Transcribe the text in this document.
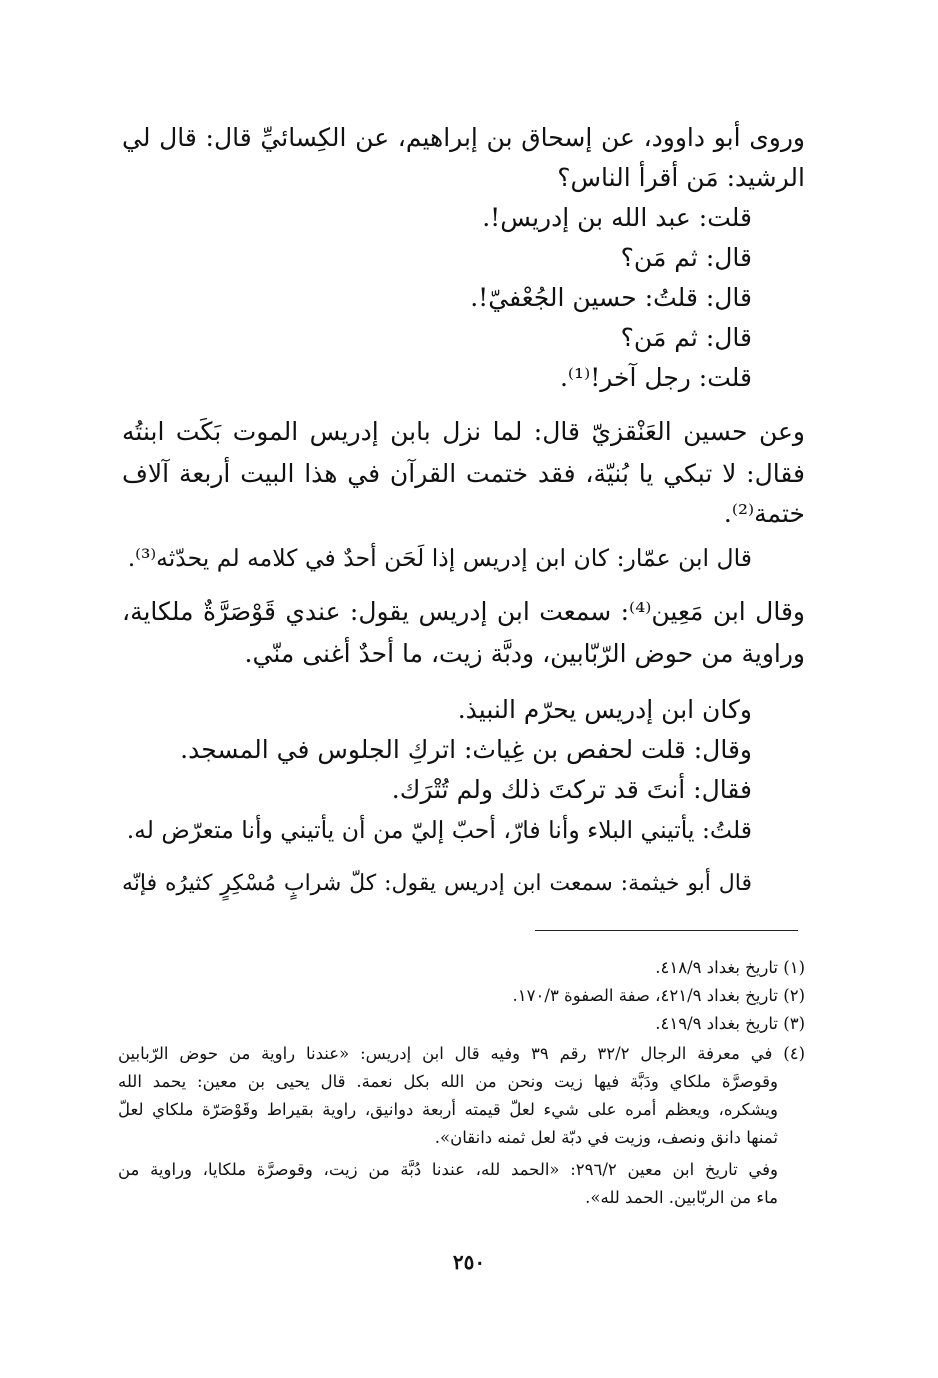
وروى أبو داوود، عن إسحاق بن إبراهيم، عن الكِسائيِّ قال: قال لي
الرشيد: مَن أقرأ الناس؟
قلت: عبد الله بن إدريس!.
قال: ثم مَن؟
قال: قلتُ: حسين الجُعْفيّ!.
قال: ثم مَن؟
قلت: رجل آخر!⁽¹⁾.
وعن حسين العَنْقزيّ قال: لما نزل بابن إدريس الموت بَكَت ابنتُه
فقال: لا تبكي يا بُنيّة، فقد ختمت القرآن في هذا البيت أربعة آلاف
ختمة⁽²⁾.
قال ابن عمّار: كان ابن إدريس إذا لَحَن أحدٌ في كلامه لم يحدّثه⁽³⁾.
وقال ابن مَعِين⁽⁴⁾: سمعت ابن إدريس يقول: عندي قَوْصَرَّةٌ ملكاية،
وراوية من حوض الرّبّابين، ودبَّة زيت، ما أحدٌ أغنى منّي.
وكان ابن إدريس يحرّم النبيذ.
وقال: قلت لحفص بن غِياث: اتركِ الجلوس في المسجد.
فقال: أنتَ قد تركتَ ذلك ولم تُتْرَك.
قلتُ: يأتيني البلاء وأنا فارّ، أحبّ إليّ من أن يأتيني وأنا متعرّض له.
قال أبو خيثمة: سمعت ابن إدريس يقول: كلّ شرابٍ مُسْكِرٍ كثيرُه فإنّه
(١) تاريخ بغداد ٤١٨/٩.
(٢) تاريخ بغداد ٤٢١/٩، صفة الصفوة ١٧٠/٣.
(٣) تاريخ بغداد ٤١٩/٩.
(٤) في معرفة الرجال ٣٢/٢ رقم ٣٩ وفيه قال ابن إدريس: «عندنا راوية من حوض الرّبابين
وقوصرَّة ملكاي ودَبَّة فيها زيت ونحن من الله بكل نعمة. قال يحيى بن معين: يحمد الله
ويشكره، ويعظم أمره على شيء لعلّ قيمته أربعة دوانيق، راوية بقيراط وقَوْصَرّة ملكاي لعلّ
ثمنها دانق ونصف، وزيت في دبّة لعل ثمنه دانقان».
وفي تاريخ ابن معين ٢٩٦/٢: «الحمد لله، عندنا دُبَّة من زيت، وقوصرَّة ملكايا، وراوية من
ماء من الربّابين. الحمد لله».
٢٥٠
